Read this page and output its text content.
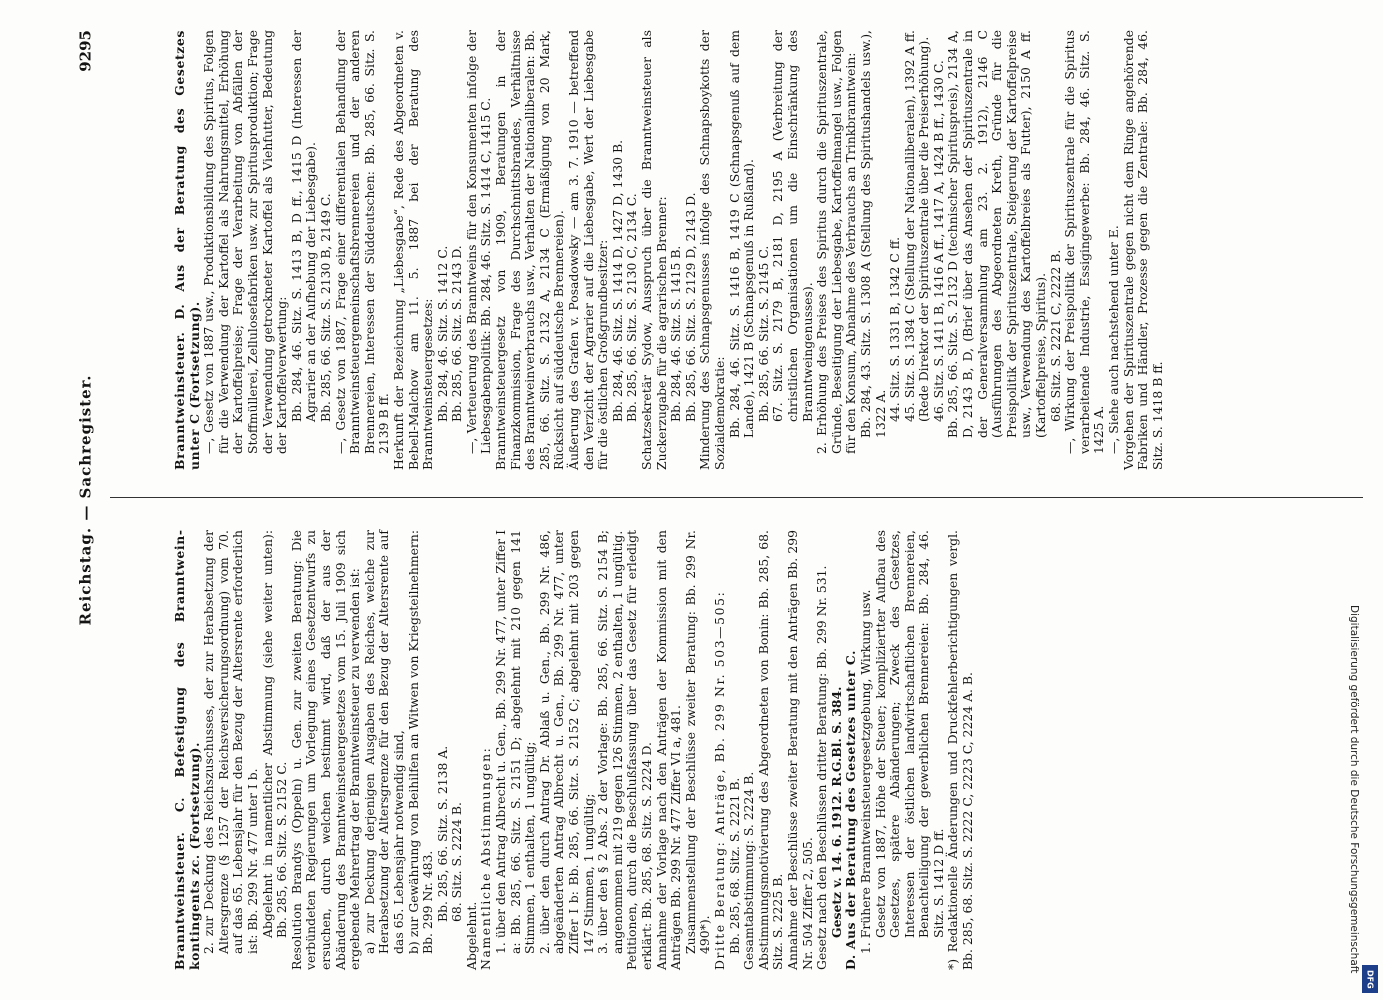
Reichstag. — Sachregister.
9295

Branntweinsteuer. C. Befestigung des Branntweinkontingents zc. (Fortsetzung). 2. zur Deckung des Reichszuschusses, der zur Herabsetzung der Altersgrenze (§ 1257 der Reichsversicherungsordnung) vom 70. auf das 65. Lebensjahr für den Bezug der Altersrente erforderlich ist: Bb. 299 Nr. 477 unter I b. Abgelehnt in namentlicher Abstimmung (siehe weiter unten): Bb. 285, 66. Sitz. S. 2152 C. Resolution Brandys (Oppeln) u. Gen. zur zweiten Beratung: Die verbündeten Regierungen um Vorlegung eines Gesetzentwurfs zu ersuchen, durch welchen bestimmt wird, daß der aus der Abänderung des Branntweinsteuergesetzes vom 15. Juli 1909 sich ergebende Mehrertrag der Branntweinsteuer zu verwenden ist: a) zur Deckung derjenigen Ausgaben des Reiches, welche zur Herabsetzung der Altersgrenze für den Bezug der Altersrente auf das 65. Lebensjahr notwendig sind, b) zur Gewährung von Beihilfen an Witwen von Kriegsteilnehmern: Bb. 299 Nr. 483. Bb. 285, 66. Sitz. S. 2138 A. 68. Sitz. S. 2224 B.

Abgelehnt. Namentliche Abstimmungen: 1. über den Antrag Albrecht u. Gen., Bb. 299 Nr. 477, unter Ziffer I a: Bb. 285, 66. Sitz. S. 2151 D; abgelehnt mit 210 gegen 141 Stimmen, 1 enthalten, 1 ungültig; 2. über den durch Antrag Dr. Ablaß u. Gen., Bb. 299 Nr. 486, abgeänderten Antrag Albrecht u. Gen., Bb. 299 Nr. 477, unter Ziffer I b: Bb. 285, 66. Sitz. S. 2152 C; abgelehnt mit 203 gegen 147 Stimmen, 1 ungültig; 3. über den § 2 Abs. 2 der Vorlage: Bb. 285, 66. Sitz. S. 2154 B; angenommen mit 219 gegen 126 Stimmen, 2 enthalten, 1 ungültig. Petitionen, durch die Beschlußfassung über das Gesetz für erledigt erklärt: Bb. 285, 68. Sitz. S. 2224 D. Annahme der Vorlage nach den Anträgen der Kommission mit den Anträgen Bb. 299 Nr. 477 Ziffer VI a, 481. Zusammenstellung der Beschlüsse zweiter Beratung: Bb. 299 Nr. 490*). Dritte Beratung: Anträge, Bb. 299 Nr. 503—505: Bb. 285, 68. Sitz. S. 2221 B. Gesamtabstimmung: S. 2224 B. Abstimmungsmotivierung des Abgeordneten von Bonin: Bb. 285, 68. Sitz. S. 2225 B. Annahme der Beschlüsse zweiter Beratung mit den Anträgen Bb. 299 Nr. 504 Ziffer 2, 505. Gesetz nach den Beschlüssen dritter Beratung: Bb. 299 Nr. 531. Gesetz v. 14. 6. 1912. R.G.Bl. S. 384. D. Aus der Beratung des Gesetzes unter C. 1. Frühere Branntweinsteuergesetzgebung, Wirkung usw. Gesetz von 1887, Höhe der Steuer; kompliziertter Aufbau des Gesetzes, spätere Abänderungen; Zweck des Gesetzes, Interessen der östlichen landwirtschaftlichen Brennereien, Benachteiligung der gewerblichen Brennereien: Bb. 284, 46. Sitz. S. 1412 D ff. *) Redaktionelle Änderungen und Druckfehlerberichtigungen vergl. Bb. 285, 68. Sitz. S. 2222 C, 2223 C, 2224 A. B.

Branntweinsteuer. D. Aus der Beratung des Gesetzes unter C (Fortsetzung). —, Gesetz von 1887 usw., Produktionsbildung des Spiritus, Folgen für die Verwendung der Kartoffel als Nahrungsmittel, Erhöhung der Kartoffelpreise; Frage der Verarbeitung von Abfällen der Stoffmüllerei, Zellulosefabriken usw. zur Spiritusproduktion; Frage der Verwendung getrockneter Kartoffel als Viehfutter, Bedeutung der Kartoffelverwertung: Bb. 284, 46. Sitz. S. 1413 B, D ff., 1415 D (Interessen der Agrarier an der Aufhebung der Liebesgabe). Bb. 285, 66. Sitz. S. 2130 B, 2149 C. —, Gesetz von 1887, Frage einer differentialen Behandlung der Branntweinsteuergemeinschaftsbrennereien und der anderen Brennereien, Interessen der Süddeutschen: Bb. 285, 66. Sitz. S. 2139 B ff. Herkunft der Bezeichnung „Liebesgabe“, Rede des Abgeordneten v. Bebell-Malchow am 11. 5. 1887 bei der Beratung des Branntweinsteuergesetzes: Bb. 284, 46. Sitz. S. 1412 C. Bb. 285, 66. Sitz. S. 2143 D. —, Verteuerung des Branntweins für den Konsumenten infolge der Liebesgabenpolitik: Bb. 284, 46. Sitz. S. 1414 C, 1415 C. Branntweinsteuergesetz von 1909, Beratungen in der Finanzkommission, Frage des Durchschnittsbrandes, Verhältnisse des Branntweinverbrauchs usw., Verhalten der Nationalliberalen: Bb. 285, 66. Sitz. S. 2132 A, 2134 C (Ermäßigung von 20 Mark, Rücksicht auf süddeutsche Brennereien). Äußerung des Grafen v. Posadowsky — am 3. 7. 1910 — betreffend den Verzicht der Agrarier auf die Liebesgabe, Wert der Liebesgabe für die östlichen Großgrundbesitzer: Bb. 284, 46. Sitz. S. 1414 D, 1427 D, 1430 B. Bb. 285, 66. Sitz. S. 2130 C, 2134 C. Schatzsekretär Sydow, Ausspruch über die Branntweinsteuer als Zuckerzugabe für die agrarischen Brenner: Bb. 284, 46. Sitz. S. 1415 B. Bb. 285, 66. Sitz. S. 2129 D, 2143 D. Minderung des Schnapsgenusses infolge des Schnapsboykotts der Sozialdemokratie: Bb. 284, 46. Sitz. S. 1416 B, 1419 C (Schnapsgenuß auf dem Lande), 1421 B (Schnapsgenuß in Rußland). Bb. 285, 66. Sitz. S. 2145 C. 67. Sitz. S. 2179 B, 2181 D, 2195 A (Verbreitung der christlichen Organisationen um die Einschränkung des Branntweingenusses). 2. Erhöhung des Preises des Spiritus durch die Spirituszentrale, Gründe, Beseitigung der Liebesgabe, Kartoffelmangel usw., Folgen für den Konsum, Abnahme des Verbrauchs an Trinkbranntwein: Bb. 284, 43. Sitz. S. 1308 A (Stellung des Spiritushandels usw.), 1322 A. 44. Sitz. S. 1331 B, 1342 C ff. 45. Sitz. S. 1384 C (Stellung der Nationalliberalen), 1392 A ff. (Rede Direktor der Spirituszentrale über die Preiserhöhung). 46. Sitz. S. 1411 B, 1416 A ff., 1417 A, 1424 B ff., 1430 C. Bb. 285, 66. Sitz. S. 2132 D (technischer Spirituspreis), 2134 A, D, 2143 B, D, (Brief über das Ansehen der Spirituszentrale in der Generalversammlung am 23. 2. 1912), 2146 C (Ausführungen des Abgeordneten Kreth, Gründe für die Preispolitik der Spirituszentrale, Steigerung der Kartoffelpreise usw., Verwendung des Kartoffelbreies als Futter), 2150 A ff. (Kartoffelpreise, Spiritus). 68. Sitz. S. 2221 C, 2222 B. —, Wirkung der Preispolitik der Spirituszentrale für die Spiritus verarbeitende Industrie, Essigingewerbe: Bb. 284, 46. Sitz. S. 1425 A. —, Siehe auch nachstehend unter E. Vorgehen der Spirituszentrale gegen nicht dem Ringe angehörende Fabriken und Händler, Prozesse gegen die Zentrale: Bb. 284, 46. Sitz. S. 1418 B ff.

Digitalisierung gefördert durch die Deutsche Forschungsgemeinschaft
DFG
